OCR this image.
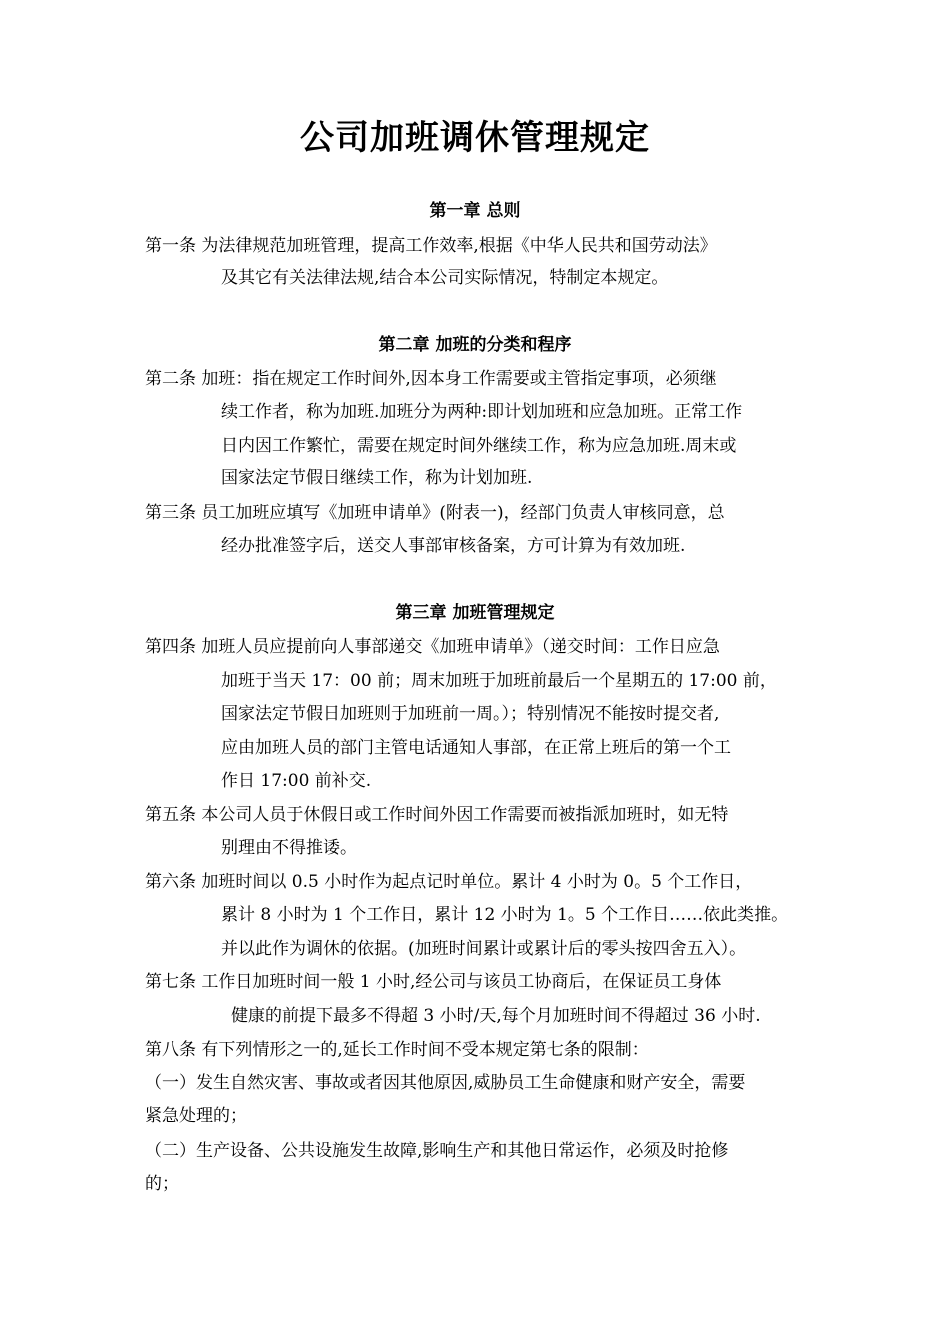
公司加班调休管理规定
第一章 总则
第一条 为法律规范加班管理，提高工作效率,根据《中华人民共和国劳动法》
及其它有关法律法规,结合本公司实际情况，特制定本规定。
第二章 加班的分类和程序
第二条 加班：指在规定工作时间外,因本身工作需要或主管指定事项，必须继
续工作者，称为加班.加班分为两种:即计划加班和应急加班。正常工作
日内因工作繁忙，需要在规定时间外继续工作，称为应急加班.周末或
国家法定节假日继续工作，称为计划加班.
第三条 员工加班应填写《加班申请单》(附表一)，经部门负责人审核同意，总
经办批准签字后，送交人事部审核备案，方可计算为有效加班.
第三章 加班管理规定
第四条 加班人员应提前向人事部递交《加班申请单》（递交时间：工作日应急
加班于当天 17：00 前；周末加班于加班前最后一个星期五的 17:00 前，
国家法定节假日加班则于加班前一周。）；特别情况不能按时提交者,
应由加班人员的部门主管电话通知人事部，在正常上班后的第一个工
作日 17:00 前补交.
第五条 本公司人员于休假日或工作时间外因工作需要而被指派加班时，如无特
别理由不得推诿。
第六条 加班时间以 0.5 小时作为起点记时单位。累计 4 小时为 0。5 个工作日，
累计 8 小时为 1 个工作日，累计 12 小时为 1。5 个工作日……依此类推。
并以此作为调休的依据。(加班时间累计或累计后的零头按四舍五入）。
第七条 工作日加班时间一般 1 小时,经公司与该员工协商后，在保证员工身体
健康的前提下最多不得超 3 小时/天,每个月加班时间不得超过 36 小时.
第八条 有下列情形之一的,延长工作时间不受本规定第七条的限制：
（一）发生自然灾害、事故或者因其他原因,威胁员工生命健康和财产安全，需要
紧急处理的；
（二）生产设备、公共设施发生故障,影响生产和其他日常运作，必须及时抢修
的；
